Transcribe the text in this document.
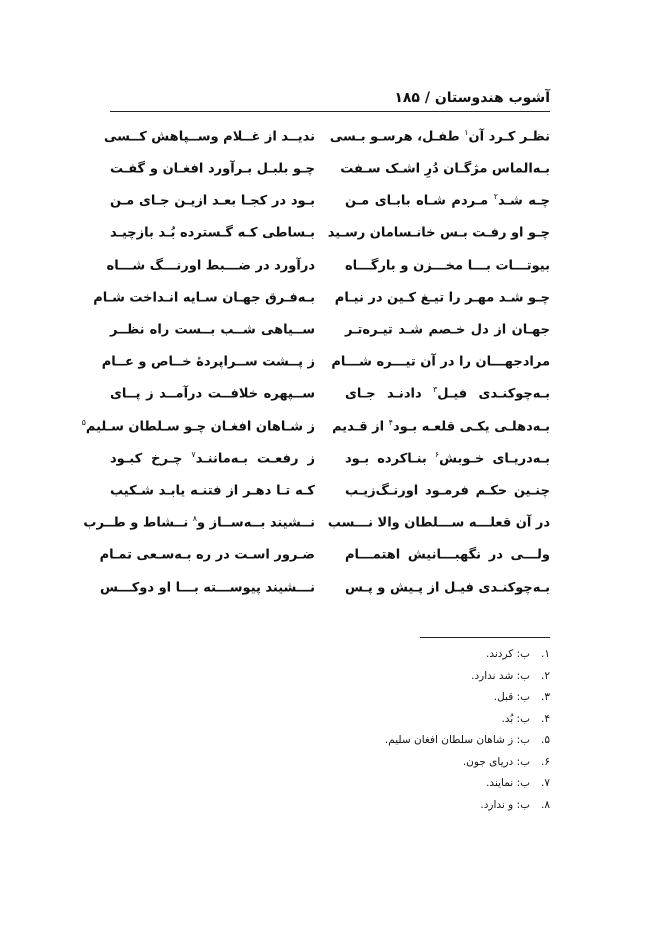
آشوب هندوستان / ۱۸۵
نظـر کـرد آن$^۱$ طفـل، هرسـو بـسی
ندیــد از غــلام وســپاهش کــسی
بـه‌الماس مژگـان دُرِ اشـک سـفت
چـو بلبـل بـرآورد افغـان و گفـت
چـه شـد$^۲$ مـردم شـاه بابـای مـن
بـود در کجـا بعـد ازیـن جـای مـن
چـو او رفـت بـس خانـسامان رسـید
بـساطی کـه گـسترده بُـد بازچیـد
بیوتـــات بـــا مخـــزن و بارگـــاه
درآورد در ضـــبط اورنـــگ شـــاه
چـو شـد مهـر را تیـغ کـین در نیـام
بـه‌فـرق جهـان سـایه انـداخت شـام
جهـان از دل خـصم شـد تیـره‌تـر
ســیاهی شــب بــست راه نظــر
مرادجهـــان را در آن تیـــره شـــام
ز پــشت ســراپردهٔ خــاص و عــام
بـه‌چوکنـدی فیـل$^۳$ دادنـد جـای
ســپهره خلافــت درآمــد ز پــای
بـه‌دهلـی یکـی قلعـه بـود$^۴$ از قـدیم
ز شـاهان افغـان چـو سـلطان سـلیم$^۵$
بـه‌دریـای خـوبش$^۶$ بنـاکرده بـود
ز رفعـت بـه‌ماننـد$^۷$ چـرخ کبـود
چنـین حکـم فرمـود اورنـگ‌زیـب
کـه تـا دهـر از فتنـه یابـد شـکیب
در آن قعلـــه ســـلطان والا نـــسب
نــشیند بــه‌ســاز و$^۸$ نــشاط و طــرب
ولـــی در نگهبـــانیش اهتمـــام
ضـرور اسـت در ره بـه‌سـعی تمـام
بـه‌چوکنـدی فیـل از پـیش و پـس
نـــشیند پیوســـته بـــا او دوکـــس
۱.
ب: کردند.
۲.
ب: شد ندارد.
۳.
ب: قبل.
۴.
ب: بُد.
۵.
ب: ز شاهان سلطان افغان سلیم.
۶.
ب: دریای جون.
۷.
ب: نمایند.
۸.
ب: و ندارد.
